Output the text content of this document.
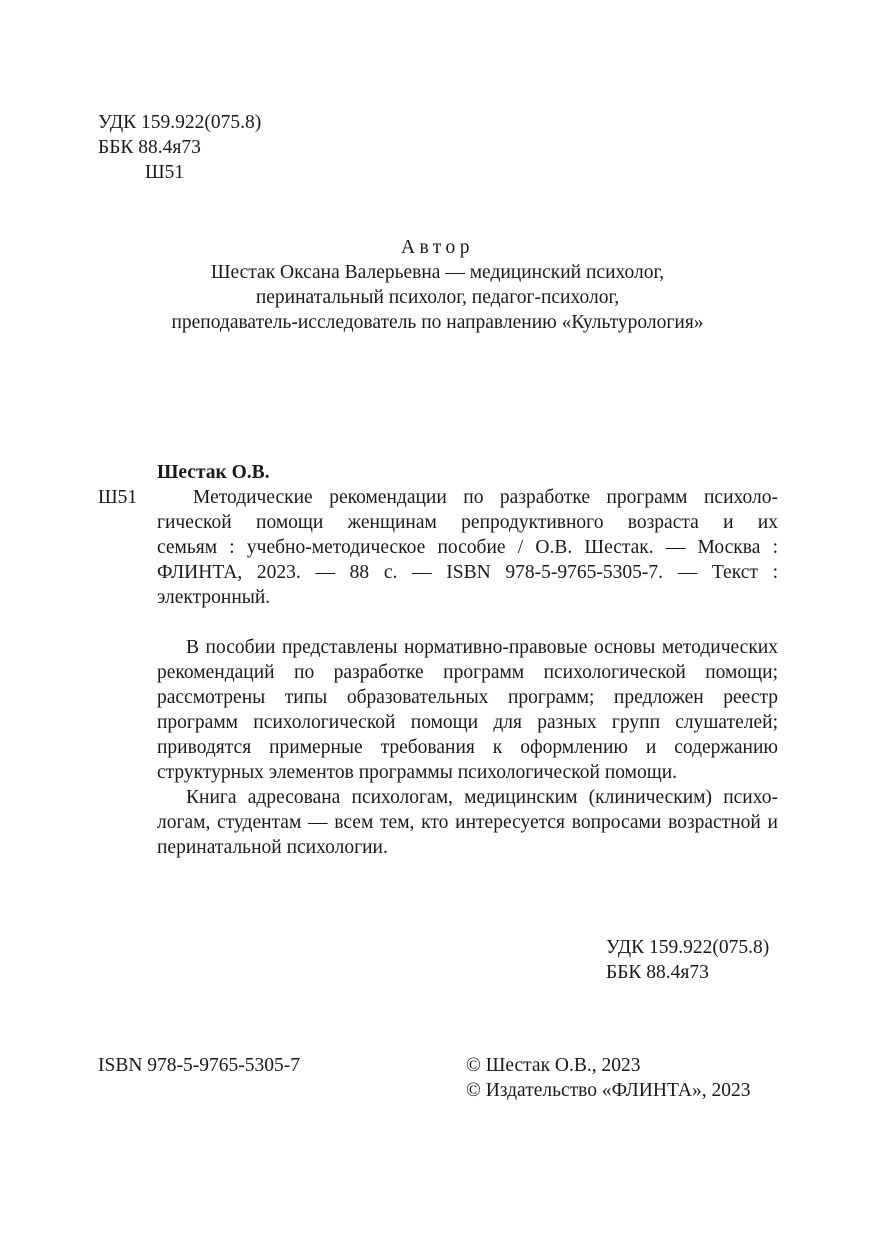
УДК 159.922(075.8)
ББК 88.4я73
Ш51
Автор
Шестак Оксана Валерьевна — медицинский психолог,
перинатальный психолог, педагог-психолог,
преподаватель-исследователь по направлению «Культурология»
Шестак О.В.
Ш51	Методические рекомендации по разработке программ психоло-
гической помощи женщинам репродуктивного возраста и их
семьям : учебно-методическое пособие / О.В. Шестак. — Москва :
ФЛИНТА, 2023. — 88 с. — ISBN 978-5-9765-5305-7. — Текст :
электронный.

В пособии представлены нормативно-правовые основы методических рекомендаций по разработке программ психологической помощи; рассмотрены типы образовательных программ; предложен реестр программ психологической помощи для разных групп слушателей; приводятся примерные требования к оформлению и содержанию структурных элементов программы психологической помощи.

Книга адресована психологам, медицинским (клиническим) психо-логам, студентам — всем тем, кто интересуется вопросами возрастной и перинатальной психологии.

УДК 159.922(075.8)
ББК 88.4я73
ISBN 978-5-9765-5305-7	© Шестак О.В., 2023
© Издательство «ФЛИНТА», 2023
